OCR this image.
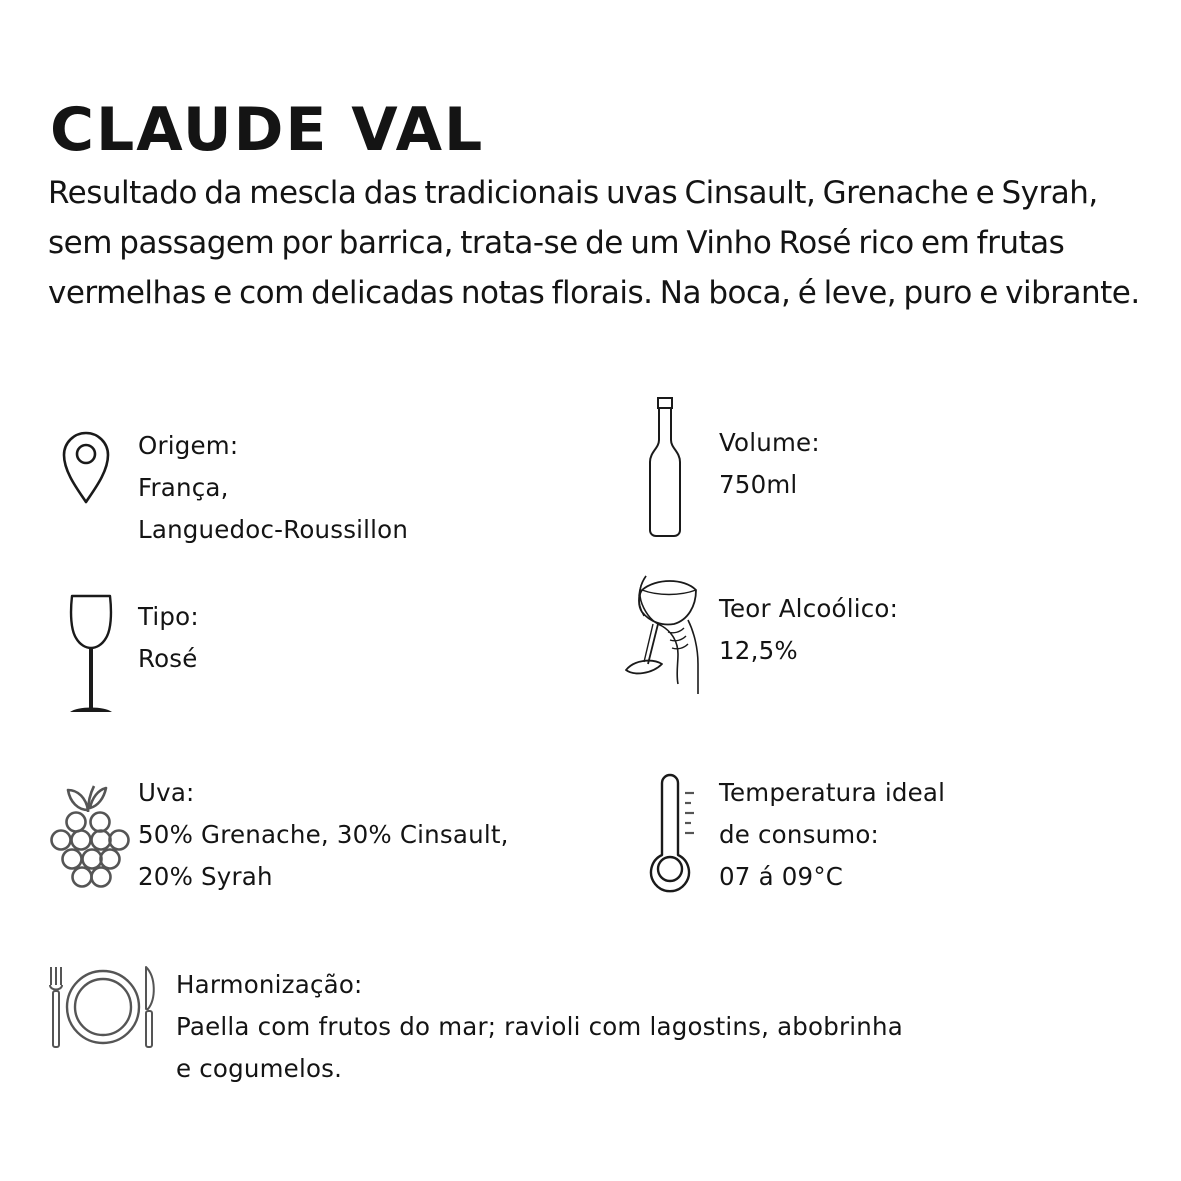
CLAUDE VAL

Resultado da mescla das tradicionais uvas Cinsault, Grenache e Syrah, sem passagem por barrica, trata-se de um Vinho Rosé rico em frutas vermelhas e com delicadas notas florais. Na boca, é leve, puro e vibrante.

Origem:
França,
Languedoc-Roussillon
Volume:
750ml
Tipo:
Rosé
Teor Alcoólico:
12,5%
Uva:
50% Grenache, 30% Cinsault,
20% Syrah
Temperatura ideal
de consumo:
07 á 09°C
Harmonização:
Paella com frutos do mar; ravioli com lagostins, abobrinha
e cogumelos.
